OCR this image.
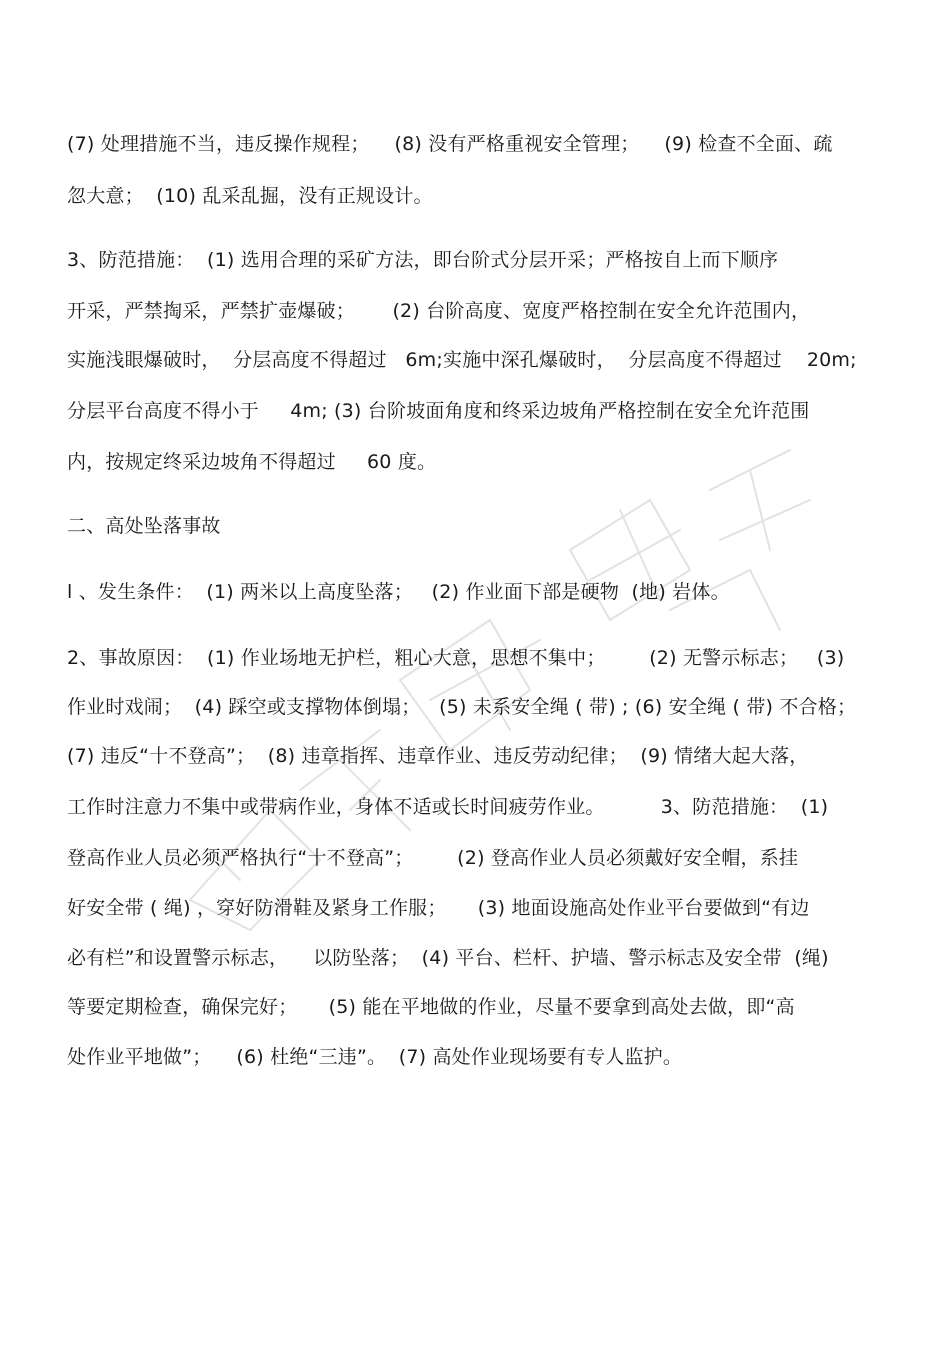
(7) 处理措施不当，违反操作规程；    (8) 没有严格重视安全管理；    (9) 检查不全面、疏
忽大意；  (10) 乱采乱掘，没有正规设计。
3、防范措施：  (1) 选用合理的采矿方法，即台阶式分层开采；严格按自上而下顺序
开采，严禁掏采，严禁扩壶爆破；      (2) 台阶高度、宽度严格控制在安全允许范围内，
实施浅眼爆破时，  分层高度不得超过   6m;实施中深孔爆破时，  分层高度不得超过    20m;
分层平台高度不得小于     4m; (3) 台阶坡面角度和终采边坡角严格控制在安全允许范围
内，按规定终采边坡角不得超过     60 度。
二、高处坠落事故
l 、发生条件：  (1) 两米以上高度坠落；   (2) 作业面下部是硬物  (地) 岩体。
2、事故原因：  (1) 作业场地无护栏，粗心大意，思想不集中；       (2) 无警示标志；   (3)
作业时戏闹；  (4) 踩空或支撑物体倒塌；   (5) 未系安全绳 ( 带) ; (6) 安全绳 ( 带) 不合格；
(7) 违反“十不登高”；  (8) 违章指挥、违章作业、违反劳动纪律；  (9) 情绪大起大落，
工作时注意力不集中或带病作业，身体不适或长时间疲劳作业。         3、防范措施：  (1)
登高作业人员必须严格执行“十不登高”；       (2) 登高作业人员必须戴好安全帽，系挂
好安全带 ( 绳) ，穿好防滑鞋及紧身工作服；     (3) 地面设施高处作业平台要做到“有边
必有栏”和设置警示标志，    以防坠落；  (4) 平台、栏杆、护墙、警示标志及安全带  (绳)
等要定期检查，确保完好；     (5) 能在平地做的作业，尽量不要拿到高处去做，即“高
处作业平地做”；    (6) 杜绝“三违”。  (7) 高处作业现场要有专人监护。
